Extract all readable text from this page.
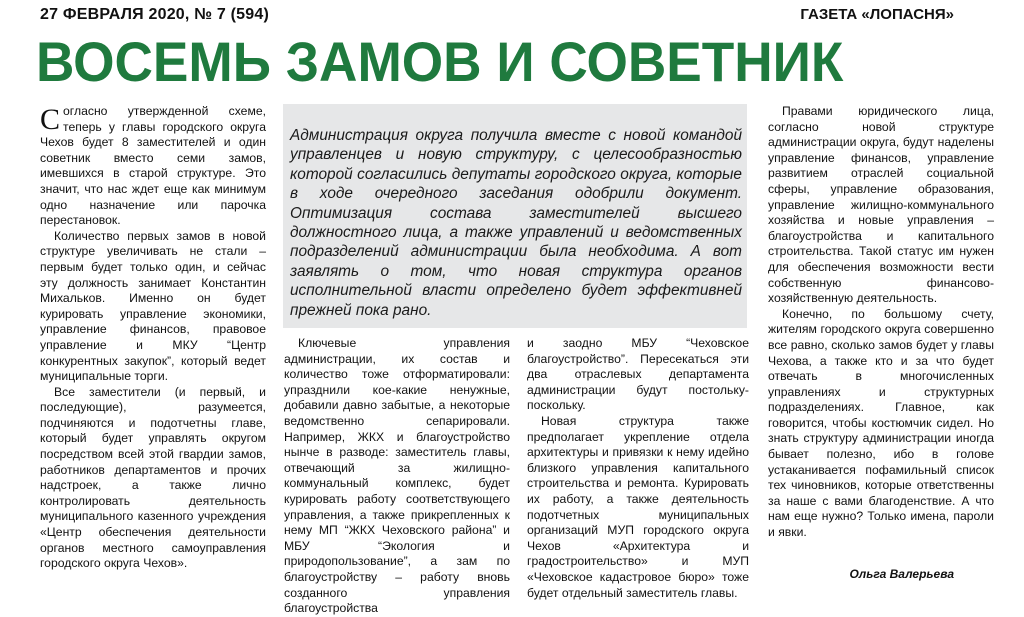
27 ФЕВРАЛЯ 2020, № 7 (594)	ГАЗЕТА «ЛОПАСНЯ»
ВОСЕМЬ ЗАМОВ И СОВЕТНИК

Согласно утвержденной схеме, теперь у главы городского округа Чехов будет 8 заместителей и один советник вместо семи замов, имевшихся в старой структуре. Это значит, что нас ждет еще как минимум одно назначение или парочка перестановок.

Количество первых замов в новой структуре увеличивать не стали – первым будет только один, и сейчас эту должность занимает Константин Михальков. Именно он будет курировать управление экономики, управление финансов, правовое управление и МКУ “Центр конкурентных закупок”, который ведет муниципальные торги.

Все заместители (и первый, и последующие), разумеется, подчиняются и подотчетны главе, который будет управлять округом посредством всей этой гвардии замов, работников департаментов и прочих надстроек, а также лично контролировать деятельность муниципального казенного учреждения «Центр обеспечения деятельности органов местного самоуправления городского округа Чехов».

Администрация округа получила вместе с новой командой управленцев и новую структуру, с целесообразностью которой согласились депутаты городского округа, которые в ходе очередного заседания одобрили документ. Оптимизация состава заместителей высшего должностного лица, а также управлений и ведомственных подразделений администрации была необходима. А вот заявлять о том, что новая структура органов исполнительной власти определено будет эффективней прежней пока рано.

Ключевые управления администрации, их состав и количество тоже отформатировали: упразднили кое-какие ненужные, добавили давно забытые, а некоторые ведомственно сепарировали. Например, ЖКХ и благоустройство нынче в разводе: заместитель главы, отвечающий за жилищно-коммунальный комплекс, будет курировать работу соответствующего управления, а также прикрепленных к нему МП “ЖКХ Чеховского района” и МБУ “Экология и природопользование”, а зам по благоустройству – работу вновь созданного управления благоустройства

и заодно МБУ “Чеховское благоустройство”. Пересекаться эти два отраслевых департамента администрации будут постольку-поскольку.

Новая структура также предполагает укрепление отдела архитектуры и привязки к нему идейно близкого управления капитального строительства и ремонта. Курировать их работу, а также деятельность подотчетных муниципальных организаций МУП городского округа Чехов «Архитектура и градостроительство» и МУП «Чеховское кадастровое бюро» тоже будет отдельный заместитель главы.

Правами юридического лица, согласно новой структуре администрации округа, будут наделены управление финансов, управление развитием отраслей социальной сферы, управление образования, управление жилищно-коммунального хозяйства и новые управления – благоустройства и капитального строительства. Такой статус им нужен для обеспечения возможности вести собственную финансово-хозяйственную деятельность.

Конечно, по большому счету, жителям городского округа совершенно все равно, сколько замов будет у главы Чехова, а также кто и за что будет отвечать в многочисленных управлениях и структурных подразделениях. Главное, как говорится, чтобы костюмчик сидел. Но знать структуру администрации иногда бывает полезно, ибо в голове устаканивается пофамильный список тех чиновников, которые ответственны за наше с вами благоденствие. А что нам еще нужно? Только имена, пароли и явки.

Ольга Валерьева
